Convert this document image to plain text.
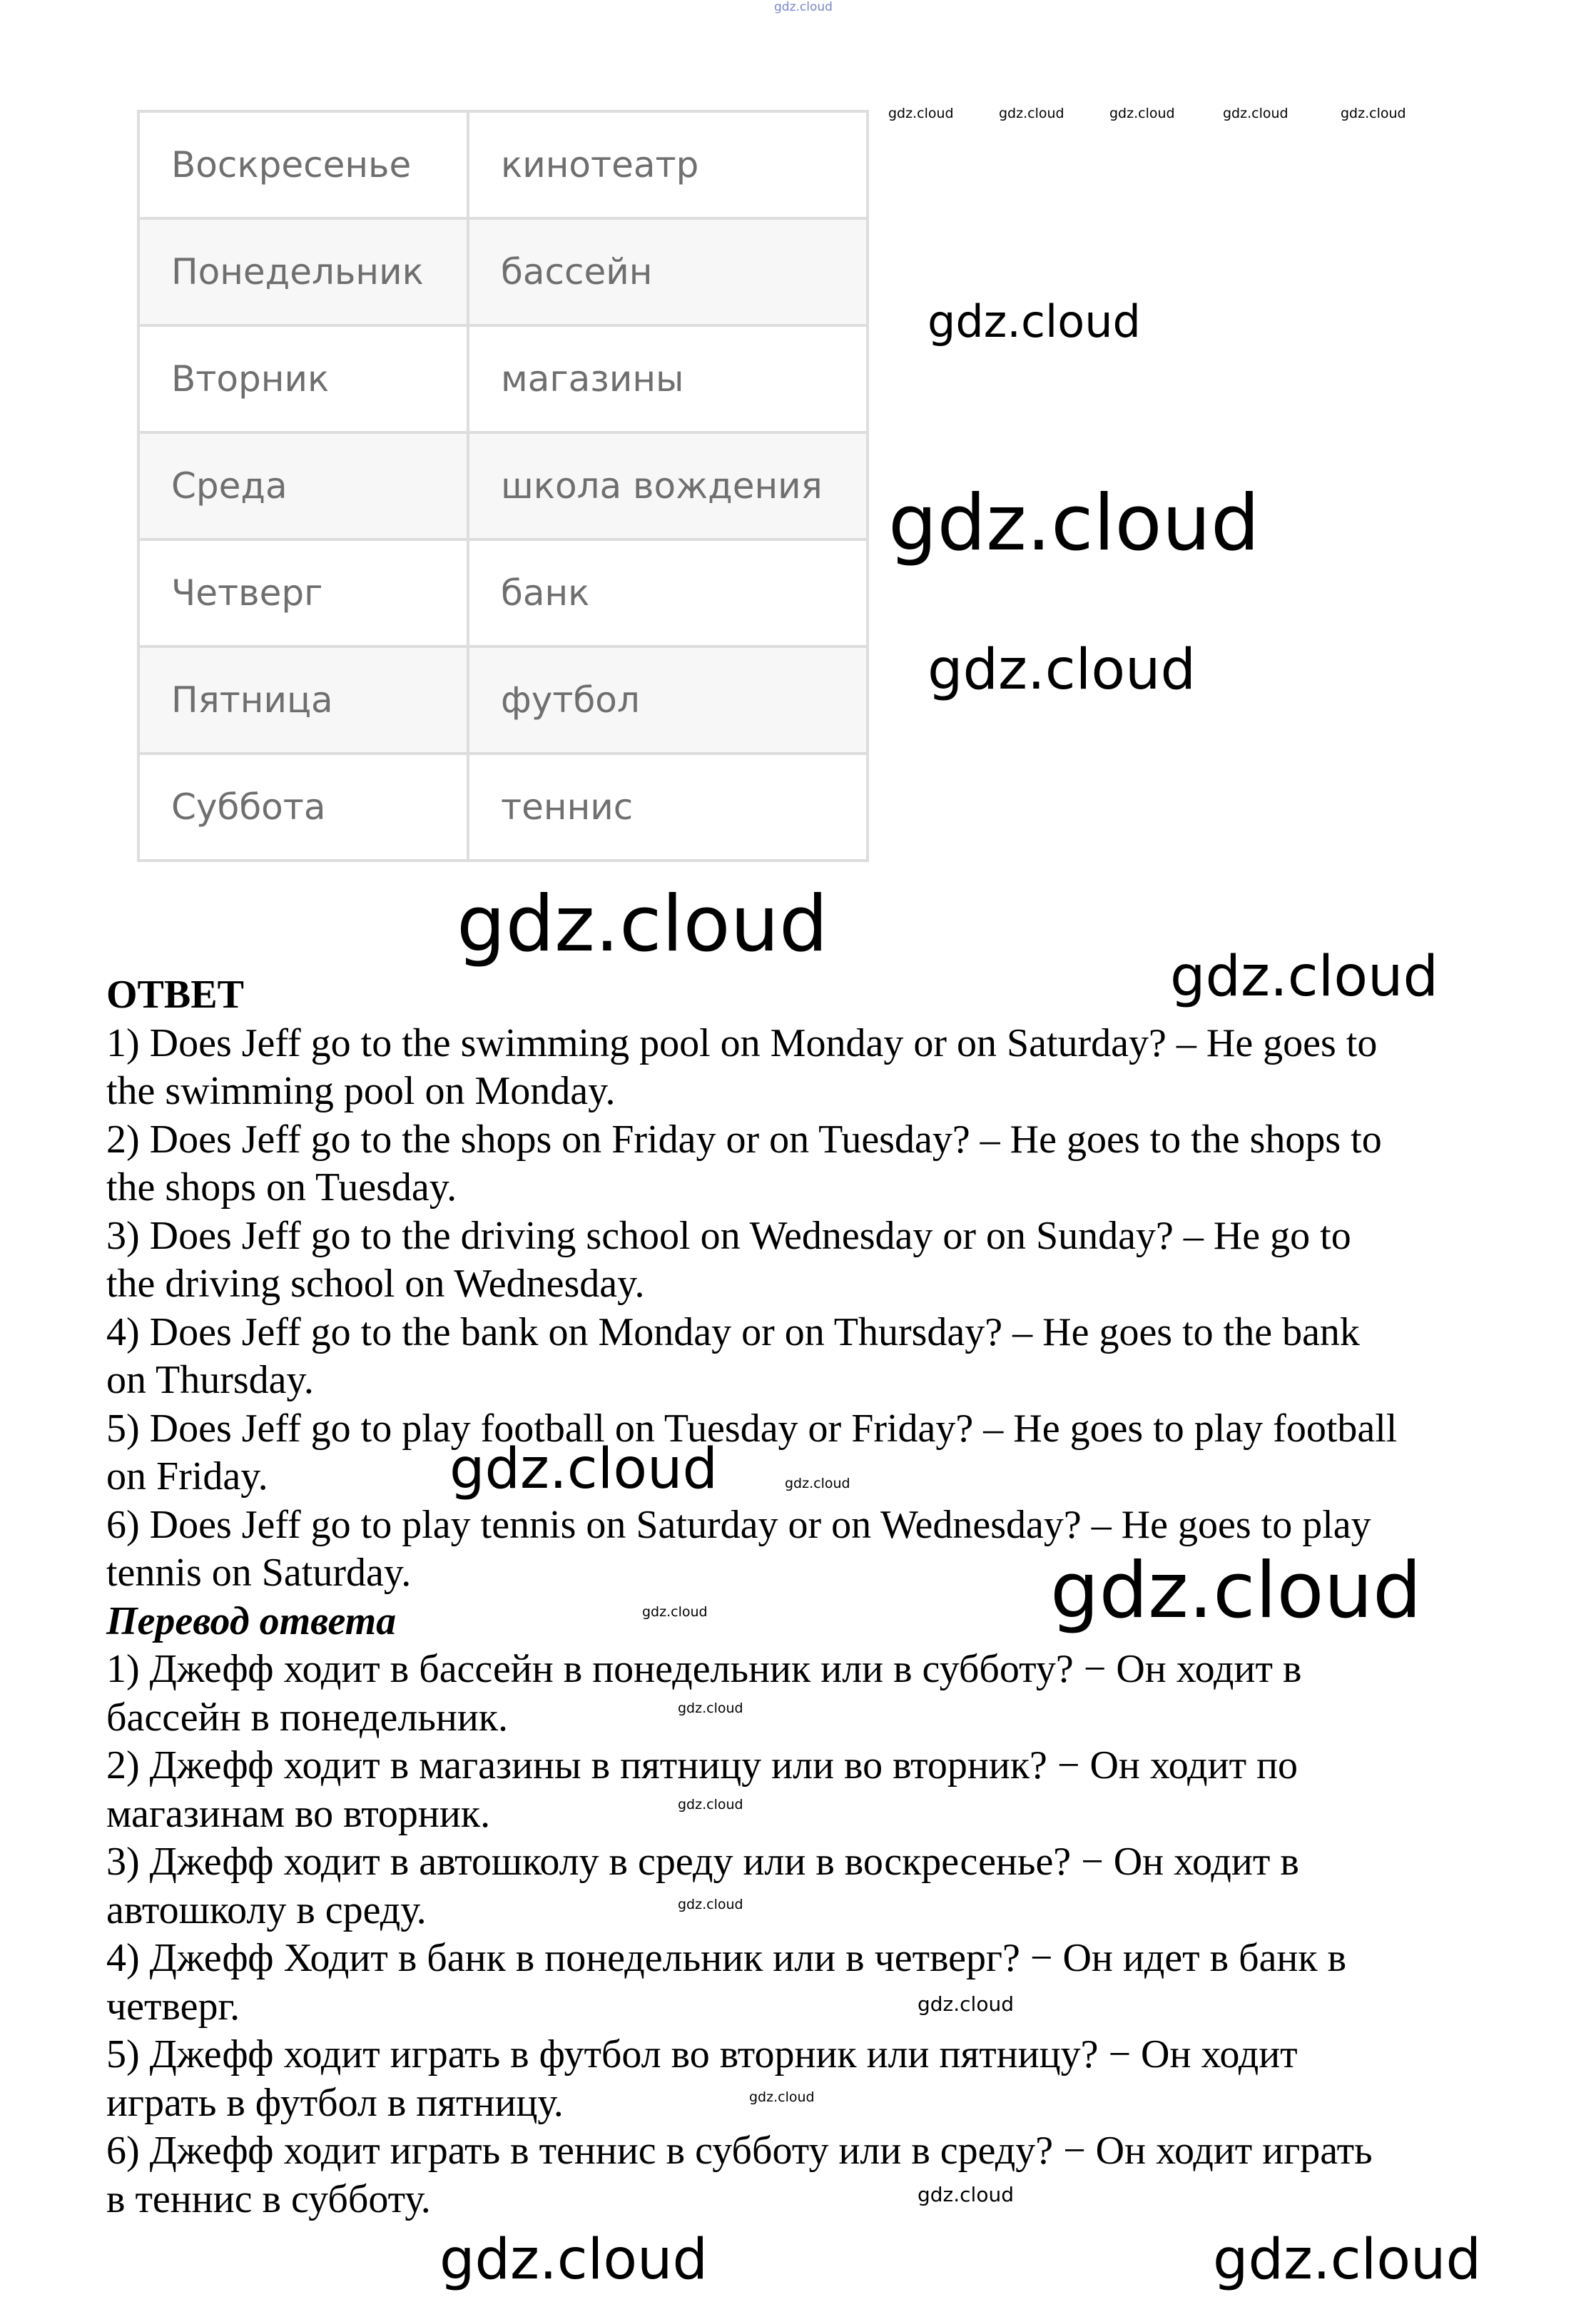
Воскресенье	кинотеатр
Понедельник	бассейн
Вторник	магазины
Среда	школа вождения
Четверг	банк
Пятница	футбол
Суббота	теннис
ОТВЕТ
1) Does Jeff go to the swimming pool on Monday or on Saturday? – He goes to
the swimming pool on Monday.
2) Does Jeff go to the shops on Friday or on Tuesday? – He goes to the shops to
the shops on Tuesday.
3) Does Jeff go to the driving school on Wednesday or on Sunday? – He go to
the driving school on Wednesday.
4) Does Jeff go to the bank on Monday or on Thursday? – He goes to the bank
on Thursday.
5) Does Jeff go to play football on Tuesday or Friday? – He goes to play football
on Friday.
6) Does Jeff go to play tennis on Saturday or on Wednesday? – He goes to play
tennis on Saturday.
Перевод ответа
1) Джефф ходит в бассейн в понедельник или в субботу? − Он ходит в
бассейн в понедельник.
2) Джефф ходит в магазины в пятницу или во вторник? − Он ходит по
магазинам во вторник.
3) Джефф ходит в автошколу в среду или в воскресенье? − Он ходит в
автошколу в среду.
4) Джефф Ходит в банк в понедельник или в четверг? − Он идет в банк в
четверг.
5) Джефф ходит играть в футбол во вторник или пятницу? − Он ходит
играть в футбол в пятницу.
6) Джефф ходит играть в теннис в субботу или в среду? − Он ходит играть
в теннис в субботу.
gdz.cloud
gdz.cloud	gdz.cloud	gdz.cloud	gdz.cloud	gdz.cloud
gdz.cloud
gdz.cloud
gdz.cloud
gdz.cloud
gdz.cloud
gdz.cloud	gdz.cloud
gdz.cloud
gdz.cloud
gdz.cloud
gdz.cloud
gdz.cloud
gdz.cloud
gdz.cloud
gdz.cloud
gdz.cloud
gdz.cloud
